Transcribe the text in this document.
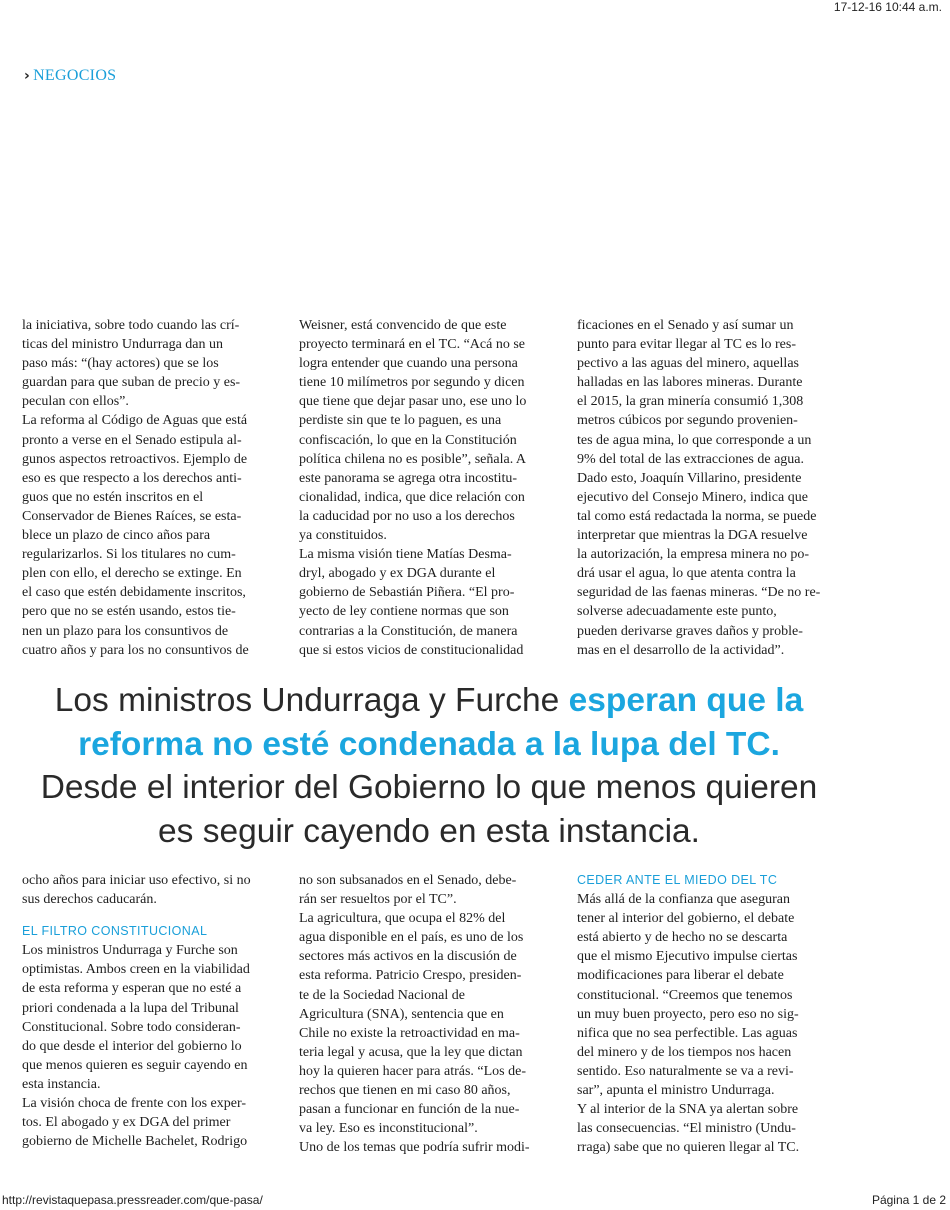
17-12-16 10:44 a.m.
› NEGOCIOS
la iniciativa, sobre todo cuando las crí-
ticas del ministro Undurraga dan un
paso más: “(hay actores) que se los
guardan para que suban de precio y es-
peculan con ellos”.
La reforma al Código de Aguas que está
pronto a verse en el Senado estipula al-
gunos aspectos retroactivos. Ejemplo de
eso es que respecto a los derechos anti-
guos que no estén inscritos en el
Conservador de Bienes Raíces, se esta-
blece un plazo de cinco años para
regularizarlos. Si los titulares no cum-
plen con ello, el derecho se extinge. En
el caso que estén debidamente inscritos,
pero que no se estén usando, estos tie-
nen un plazo para los consuntivos de
cuatro años y para los no consuntivos de
Weisner, está convencido de que este
proyecto terminará en el TC. “Acá no se
logra entender que cuando una persona
tiene 10 milímetros por segundo y dicen
que tiene que dejar pasar uno, ese uno lo
perdiste sin que te lo paguen, es una
confiscación, lo que en la Constitución
política chilena no es posible”, señala. A
este panorama se agrega otra incostitu-
cionalidad, indica, que dice relación con
la caducidad por no uso a los derechos
ya constituidos.
La misma visión tiene Matías Desma-
dryl, abogado y ex DGA durante el
gobierno de Sebastián Piñera. “El pro-
yecto de ley contiene normas que son
contrarias a la Constitución, de manera
que si estos vicios de constitucionalidad
ficaciones en el Senado y así sumar un
punto para evitar llegar al TC es lo res-
pectivo a las aguas del minero, aquellas
halladas en las labores mineras. Durante
el 2015, la gran minería consumió 1,308
metros cúbicos por segundo provenien-
tes de agua mina, lo que corresponde a un
9% del total de las extracciones de agua.
Dado esto, Joaquín Villarino, presidente
ejecutivo del Consejo Minero, indica que
tal como está redactada la norma, se puede
interpretar que mientras la DGA resuelve
la autorización, la empresa minera no po-
drá usar el agua, lo que atenta contra la
seguridad de las faenas mineras. “De no re-
solverse adecuadamente este punto,
pueden derivarse graves daños y proble-
mas en el desarrollo de la actividad”.
Los ministros Undurraga y Furche esperan que la
reforma no esté condenada a la lupa del TC.
Desde el interior del Gobierno lo que menos quieren
es seguir cayendo en esta instancia.
ocho años para iniciar uso efectivo, si no
sus derechos caducarán.
EL FILTRO CONSTITUCIONAL
Los ministros Undurraga y Furche son
optimistas. Ambos creen en la viabilidad
de esta reforma y esperan que no esté a
priori condenada a la lupa del Tribunal
Constitucional. Sobre todo consideran-
do que desde el interior del gobierno lo
que menos quieren es seguir cayendo en
esta instancia.
La visión choca de frente con los exper-
tos. El abogado y ex DGA del primer
gobierno de Michelle Bachelet, Rodrigo
no son subsanados en el Senado, debe-
rán ser resueltos por el TC”.
La agricultura, que ocupa el 82% del
agua disponible en el país, es uno de los
sectores más activos en la discusión de
esta reforma. Patricio Crespo, presiden-
te de la Sociedad Nacional de
Agricultura (SNA), sentencia que en
Chile no existe la retroactividad en ma-
teria legal y acusa, que la ley que dictan
hoy la quieren hacer para atrás. “Los de-
rechos que tienen en mi caso 80 años,
pasan a funcionar en función de la nue-
va ley. Eso es inconstitucional”.
Uno de los temas que podría sufrir modi-
CEDER ANTE EL MIEDO DEL TC
Más allá de la confianza que aseguran
tener al interior del gobierno, el debate
está abierto y de hecho no se descarta
que el mismo Ejecutivo impulse ciertas
modificaciones para liberar el debate
constitucional. “Creemos que tenemos
un muy buen proyecto, pero eso no sig-
nifica que no sea perfectible. Las aguas
del minero y de los tiempos nos hacen
sentido. Eso naturalmente se va a revi-
sar”, apunta el ministro Undurraga.
Y al interior de la SNA ya alertan sobre
las consecuencias. “El ministro (Undu-
rraga) sabe que no quieren llegar al TC.
http://revistaquepasa.pressreader.com/que-pasa/	Página 1 de 2
